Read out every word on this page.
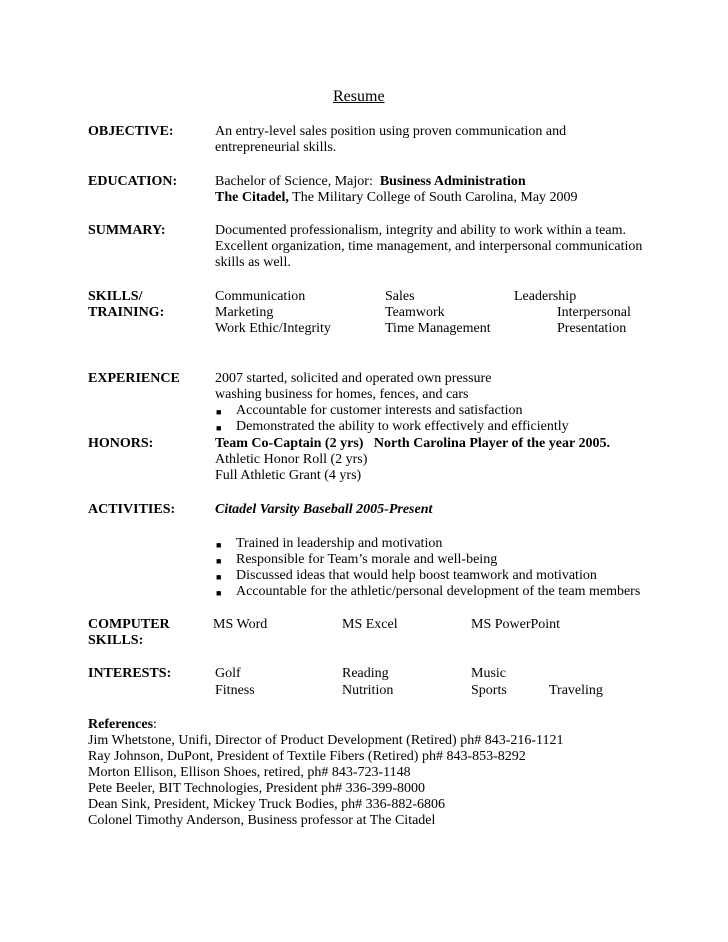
Resume
OBJECTIVE:	An entry-level sales position using proven communication and
entrepreneurial skills.
EDUCATION:	Bachelor of Science, Major: Business Administration
The Citadel, The Military College of South Carolina, May 2009
SUMMARY:	Documented professionalism, integrity and ability to work within a team.
Excellent organization, time management, and interpersonal communication
skills as well.
SKILLS/
TRAINING:
Communication	Sales	Leadership
Marketing	Teamwork	Interpersonal
Work Ethic/Integrity	Time Management	Presentation
EXPERIENCE	2007 started, solicited and operated own pressure
washing business for homes, fences, and cars
■ Accountable for customer interests and satisfaction
■ Demonstrated the ability to work effectively and efficiently
HONORS:	Team Co-Captain (2 yrs) North Carolina Player of the year 2005.
Athletic Honor Roll (2 yrs)
Full Athletic Grant (4 yrs)
ACTIVITIES:	Citadel Varsity Baseball 2005-Present
■ Trained in leadership and motivation
■ Responsible for Team’s morale and well-being
■ Discussed ideas that would help boost teamwork and motivation
■ Accountable for the athletic/personal development of the team members
COMPUTER
SKILLS:
MS Word	MS Excel	MS PowerPoint
INTERESTS:	Golf	Reading	Music
Fitness	Nutrition	Sports	Traveling
References:
Jim Whetstone, Unifi, Director of Product Development (Retired) ph# 843-216-1121
Ray Johnson, DuPont, President of Textile Fibers (Retired) ph# 843-853-8292
Morton Ellison, Ellison Shoes, retired, ph# 843-723-1148
Pete Beeler, BIT Technologies, President ph# 336-399-8000
Dean Sink, President, Mickey Truck Bodies, ph# 336-882-6806
Colonel Timothy Anderson, Business professor at The Citadel
